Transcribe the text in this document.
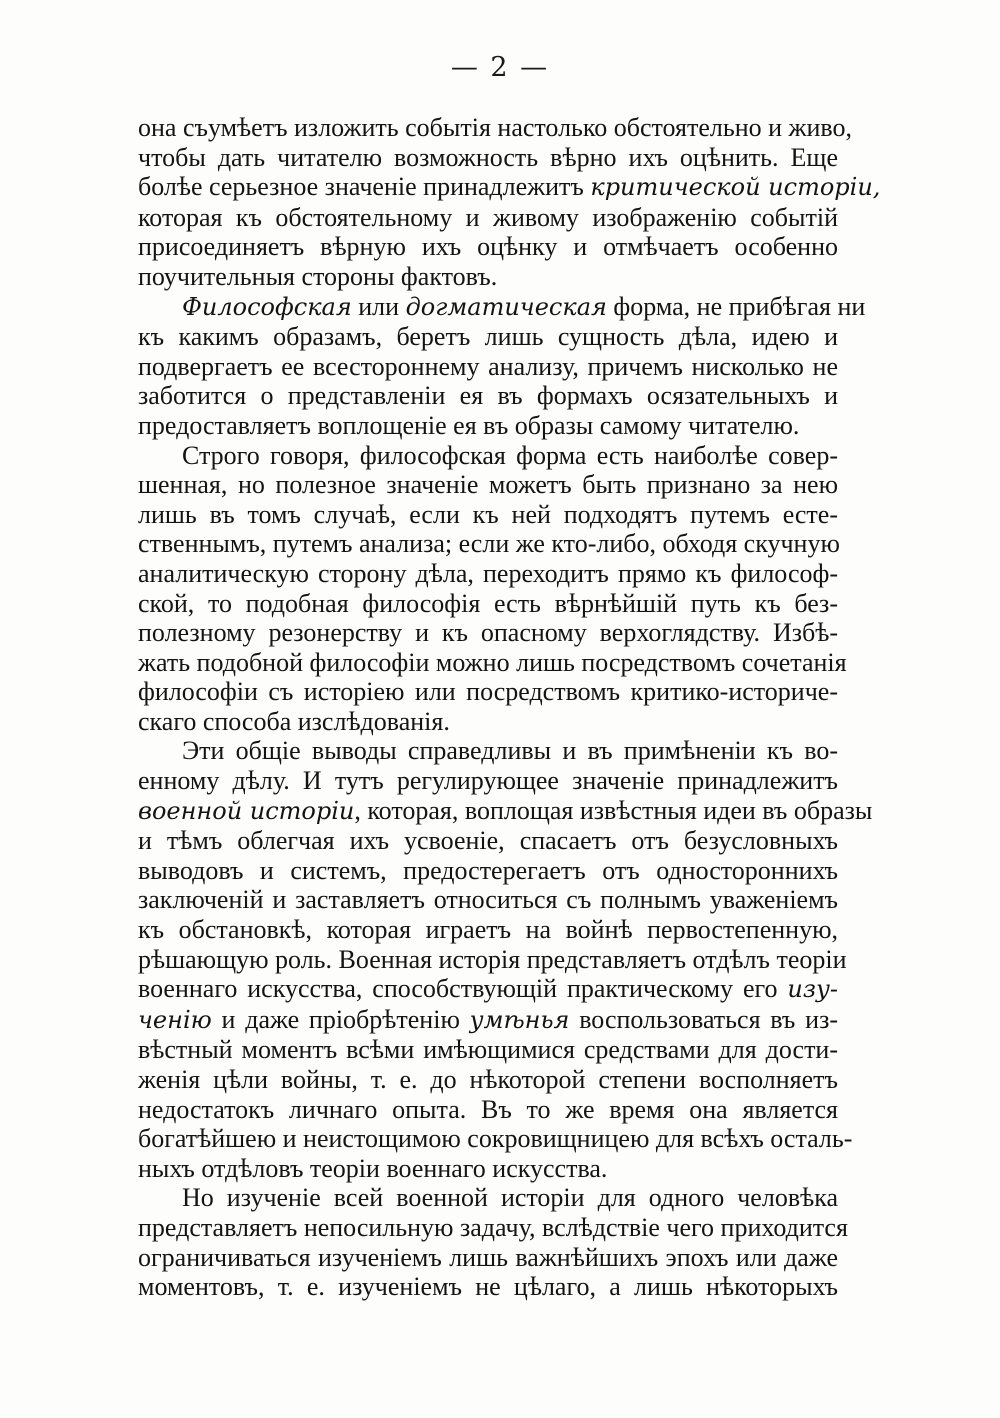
— 2 —
она съумѣетъ изложить событія настолько обстоятельно и живо,
чтобы дать читателю возможность вѣрно ихъ оцѣнить. Еще
болѣе серьезное значеніе принадлежитъ критической исторіи,
которая къ обстоятельному и живому изображенію событій
присоединяетъ вѣрную ихъ оцѣнку и отмѣчаетъ особенно
поучительныя стороны фактовъ.
Философская или догматическая форма, не прибѣгая ни
къ какимъ образамъ, беретъ лишь сущность дѣла, идею и
подвергаетъ ее всестороннему анализу, причемъ нисколько не
заботится о представленіи ея въ формахъ осязательныхъ и
предоставляетъ воплощеніе ея въ образы самому читателю.
Строго говоря, философская форма есть наиболѣе совер-
шенная, но полезное значеніе можетъ быть признано за нею
лишь въ томъ случаѣ, если къ ней подходятъ путемъ есте-
ственнымъ, путемъ анализа; если же кто-либо, обходя скучную
аналитическую сторону дѣла, переходитъ прямо къ философ-
ской, то подобная философія есть вѣрнѣйшій путь къ без-
полезному резонерству и къ опасному верхоглядству. Избѣ-
жать подобной философіи можно лишь посредствомъ сочетанія
философіи съ исторіею или посредствомъ критико-историче-
скаго способа изслѣдованія.
Эти общіе выводы справедливы и въ примѣненіи къ во-
енному дѣлу. И тутъ регулирующее значеніе принадлежитъ
военной исторіи, которая, воплощая извѣстныя идеи въ образы
и тѣмъ облегчая ихъ усвоеніе, спасаетъ отъ безусловныхъ
выводовъ и системъ, предостерегаетъ отъ одностороннихъ
заключеній и заставляетъ относиться съ полнымъ уваженіемъ
къ обстановкѣ, которая играетъ на войнѣ первостепенную,
рѣшающую роль. Военная исторія представляетъ отдѣлъ теоріи
военнаго искусства, способствующій практическому его изу-
ченію и даже пріобрѣтенію умѣнья воспользоваться въ из-
вѣстный моментъ всѣми имѣющимися средствами для дости-
женія цѣли войны, т. е. до нѣкоторой степени восполняетъ
недостатокъ личнаго опыта. Въ то же время она является
богатѣйшею и неистощимою сокровищницею для всѣхъ осталь-
ныхъ отдѣловъ теоріи военнаго искусства.
Но изученіе всей военной исторіи для одного человѣка
представляетъ непосильную задачу, вслѣдствіе чего приходится
ограничиваться изученіемъ лишь важнѣйшихъ эпохъ или даже
моментовъ, т. е. изученіемъ не цѣлаго, а лишь нѣкоторыхъ
